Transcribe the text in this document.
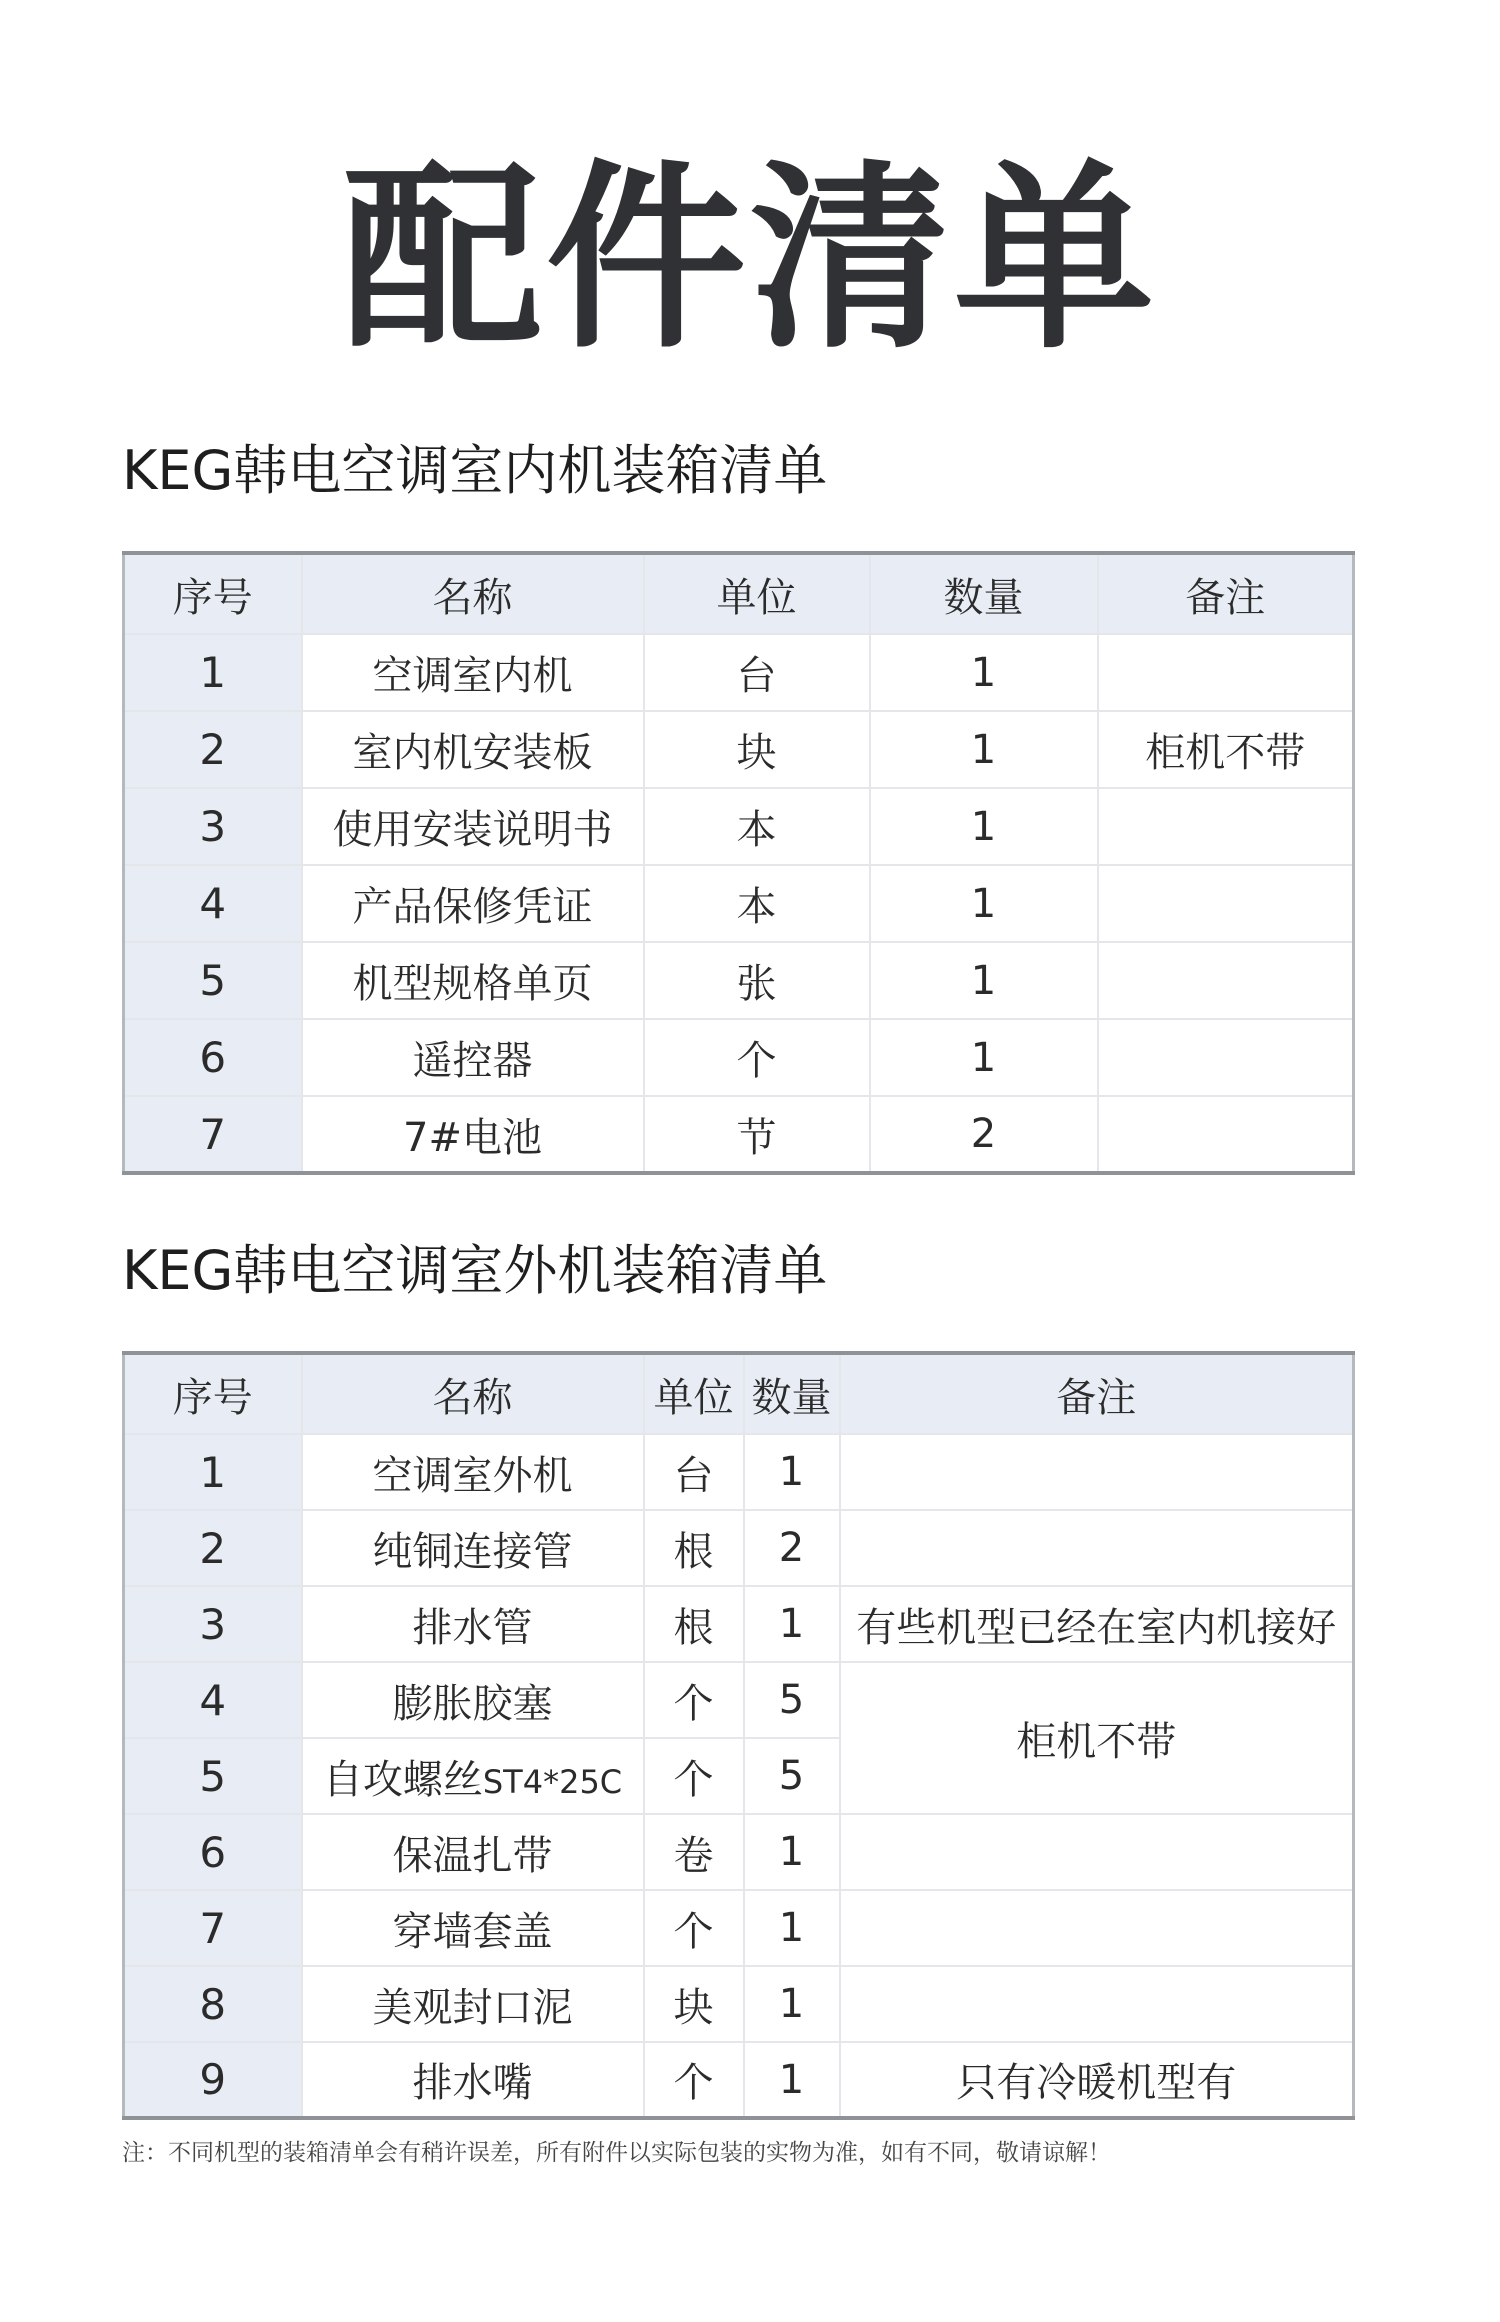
配件清单
KEG韩电空调室内机装箱清单
序号	名称	单位	数量	备注
1	空调室内机	台	1	
2	室内机安装板	块	1	柜机不带
3	使用安装说明书	本	1	
4	产品保修凭证	本	1	
5	机型规格单页	张	1	
6	遥控器	个	1	
7	7#电池	节	2	
KEG韩电空调室外机装箱清单
序号	名称	单位	数量	备注
1	空调室外机	台	1	
2	纯铜连接管	根	2	
3	排水管	根	1	有些机型已经在室内机接好
4	膨胀胶塞	个	5	柜机不带
5	自攻螺丝ST4*25C	个	5	
6	保温扎带	卷	1	
7	穿墙套盖	个	1	
8	美观封口泥	块	1	
9	排水嘴	个	1	只有冷暖机型有
注：不同机型的装箱清单会有稍许误差，所有附件以实际包装的实物为准，如有不同，敬请谅解！
